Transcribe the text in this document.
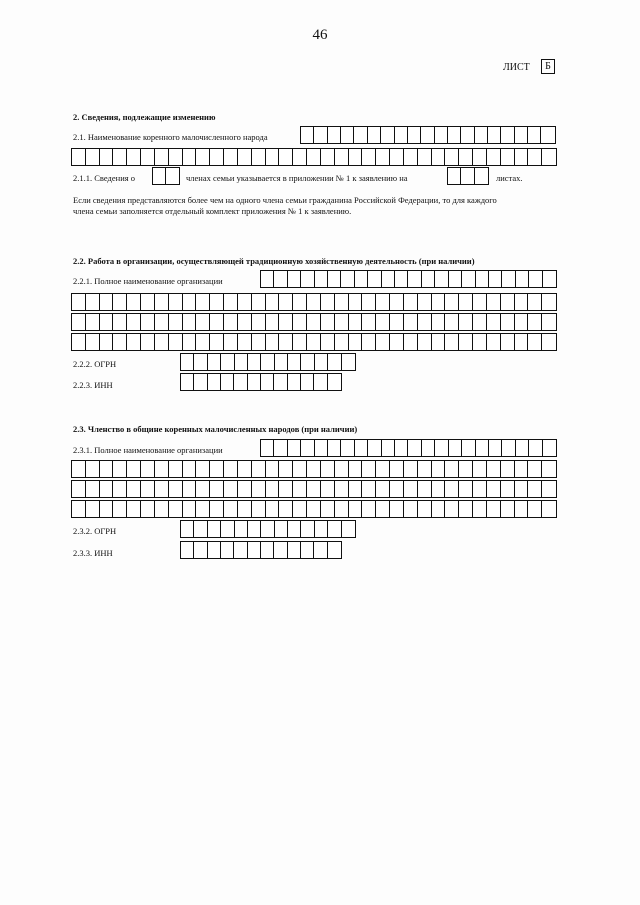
46
ЛИСТ	Б
2. Сведения, подлежащие изменению
2.1. Наименование коренного малочисленного народа
2.1.1. Сведения о	членах семьи указывается в приложении № 1 к заявлению на	листах.
Если сведения представляются более чем на одного члена семьи гражданина Российской Федерации, то для каждого
члена семьи заполняется отдельный комплект приложения № 1 к заявлению.
2.2. Работа в организации, осуществляющей традиционную хозяйственную деятельность (при наличии)
2.2.1. Полное наименование организации
2.2.2. ОГРН
2.2.3. ИНН
2.3. Членство в общине коренных малочисленных народов (при наличии)
2.3.1. Полное наименование организации
2.3.2. ОГРН
2.3.3. ИНН
